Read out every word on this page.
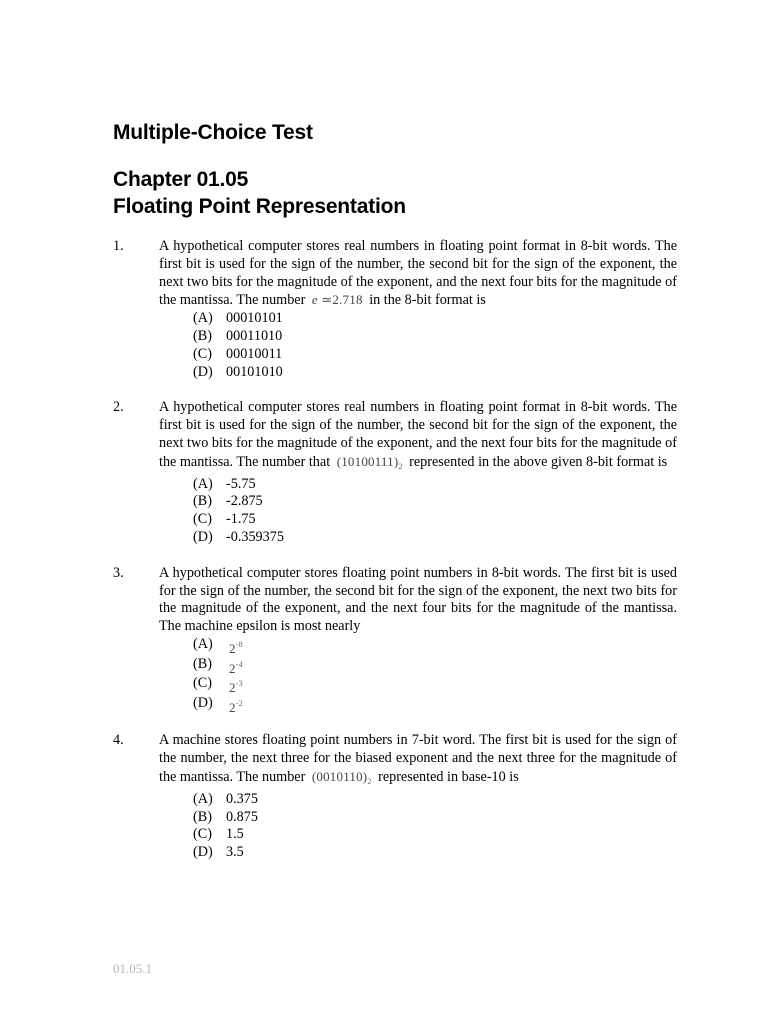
Multiple-Choice Test
Chapter 01.05
Floating Point Representation
1. A hypothetical computer stores real numbers in floating point format in 8-bit words. The first bit is used for the sign of the number, the second bit for the sign of the exponent, the next two bits for the magnitude of the exponent, and the next four bits for the magnitude of the mantissa. The number e ≃2.718 in the 8-bit format is
(A) 00010101
(B) 00011010
(C) 00010011
(D) 00101010
2. A hypothetical computer stores real numbers in floating point format in 8-bit words. The first bit is used for the sign of the number, the second bit for the sign of the exponent, the next two bits for the magnitude of the exponent, and the next four bits for the magnitude of the mantissa. The number that $(10100111)_2$ represented in the above given 8-bit format is
(A) -5.75
(B) -2.875
(C) -1.75
(D) -0.359375
3. A hypothetical computer stores floating point numbers in 8-bit words. The first bit is used for the sign of the number, the second bit for the sign of the exponent, the next two bits for the magnitude of the exponent, and the next four bits for the magnitude of the mantissa. The machine epsilon is most nearly
(A)	$2^{-8}$
(B)	$2^{-4}$
(C)	$2^{-3}$
(D)	$2^{-2}$
4. A machine stores floating point numbers in 7-bit word. The first bit is used for the sign of the number, the next three for the biased exponent and the next three for the magnitude of the mantissa. The number $(0010110)_2$ represented in base-10 is
(A) 0.375
(B) 0.875
(C) 1.5
(D) 3.5
01.05.1
